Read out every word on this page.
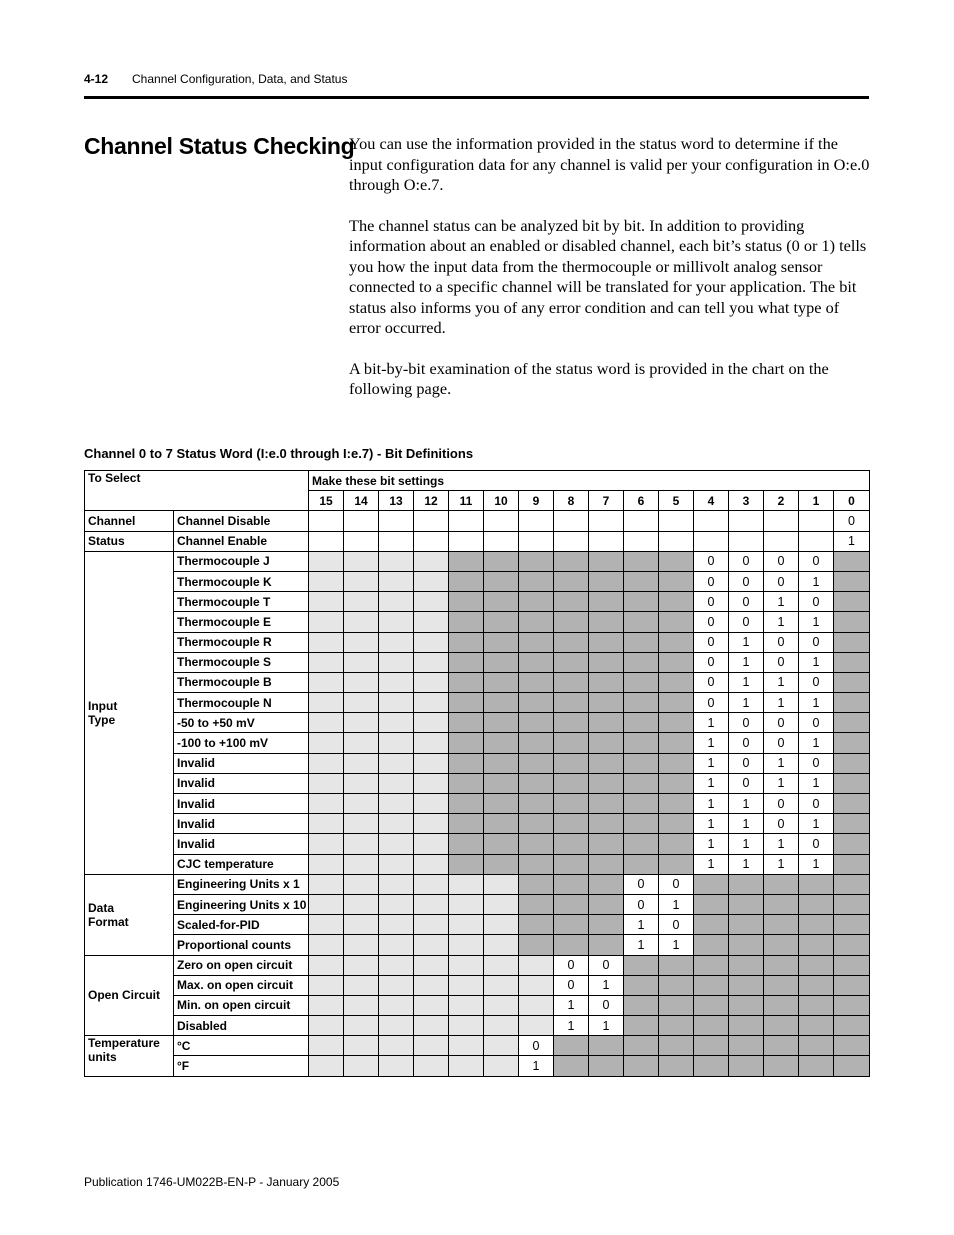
4-12 Channel Configuration, Data, and Status
Channel Status Checking

You can use the information provided in the status word to determine if the input configuration data for any channel is valid per your configuration in O:e.0 through O:e.7.

The channel status can be analyzed bit by bit. In addition to providing information about an enabled or disabled channel, each bit’s status (0 or 1) tells you how the input data from the thermocouple or millivolt analog sensor connected to a specific channel will be translated for your application. The bit status also informs you of any error condition and can tell you what type of error occurred.

A bit-by-bit examination of the status word is provided in the chart on the following page.

Channel 0 to 7 Status Word (I:e.0 through I:e.7) - Bit Definitions
To Select		Make these bit settings															
		15	14	13	12	11	10	9	8	7	6	5	4	3	2	1	0
Channel	Channel Disable																0
Status	Channel Enable																1
Input
Type	Thermocouple J												0	0	0	0	
	Thermocouple K												0	0	0	1	
	Thermocouple T												0	0	1	0	
	Thermocouple E												0	0	1	1	
	Thermocouple R												0	1	0	0	
	Thermocouple S												0	1	0	1	
	Thermocouple B												0	1	1	0	
	Thermocouple N												0	1	1	1	
	-50 to +50 mV												1	0	0	0	
	-100 to +100 mV												1	0	0	1	
	Invalid												1	0	1	0	
	Invalid												1	0	1	1	
	Invalid												1	1	0	0	
	Invalid												1	1	0	1	
	Invalid												1	1	1	0	
	CJC temperature												1	1	1	1	
Data
Format	Engineering Units x 1										0	0					
	Engineering Units x 10										0	1					
	Scaled-for-PID										1	0					
	Proportional counts										1	1					
Open Circuit	Zero on open circuit								0	0							
	Max. on open circuit								0	1							
	Min. on open circuit								1	0							
	Disabled								1	1							
Temperature
units	°C							0									
	°F							1									
Publication 1746-UM022B-EN-P - January 2005
